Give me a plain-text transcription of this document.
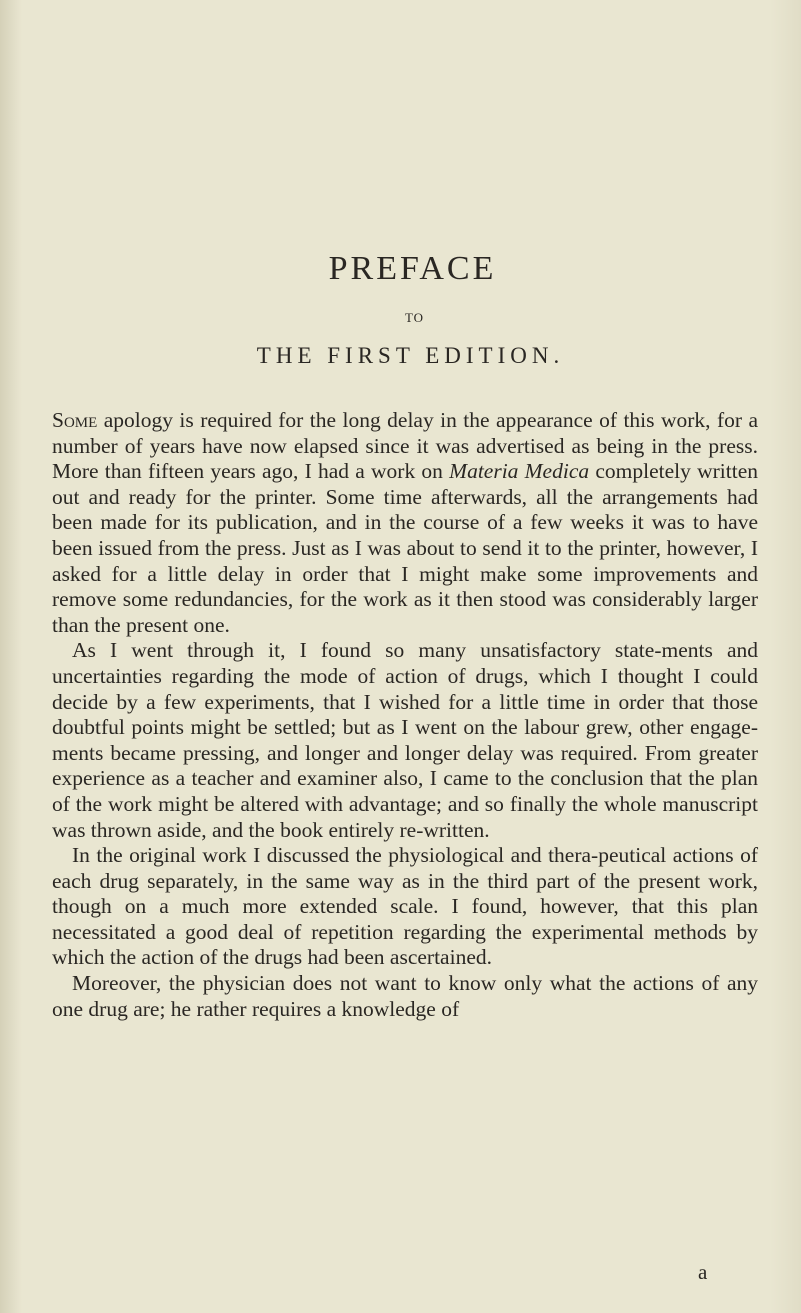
PREFACE
TO
THE FIRST EDITION.

Some apology is required for the long delay in the appearance of this work, for a number of years have now elapsed since it was advertised as being in the press. More than fifteen years ago, I had a work on Materia Medica completely written out and ready for the printer. Some time afterwards, all the arrangements had been made for its publication, and in the course of a few weeks it was to have been issued from the press. Just as I was about to send it to the printer, however, I asked for a little delay in order that I might make some improvements and remove some redundancies, for the work as it then stood was considerably larger than the present one.

As I went through it, I found so many unsatisfactory state-ments and uncertainties regarding the mode of action of drugs, which I thought I could decide by a few experiments, that I wished for a little time in order that those doubtful points might be settled; but as I went on the labour grew, other engage-ments became pressing, and longer and longer delay was required. From greater experience as a teacher and examiner also, I came to the conclusion that the plan of the work might be altered with advantage; and so finally the whole manuscript was thrown aside, and the book entirely re-written.

In the original work I discussed the physiological and thera-peutical actions of each drug separately, in the same way as in the third part of the present work, though on a much more extended scale. I found, however, that this plan necessitated a good deal of repetition regarding the experimental methods by which the action of the drugs had been ascertained.

Moreover, the physician does not want to know only what the actions of any one drug are; he rather requires a knowledge of

a
